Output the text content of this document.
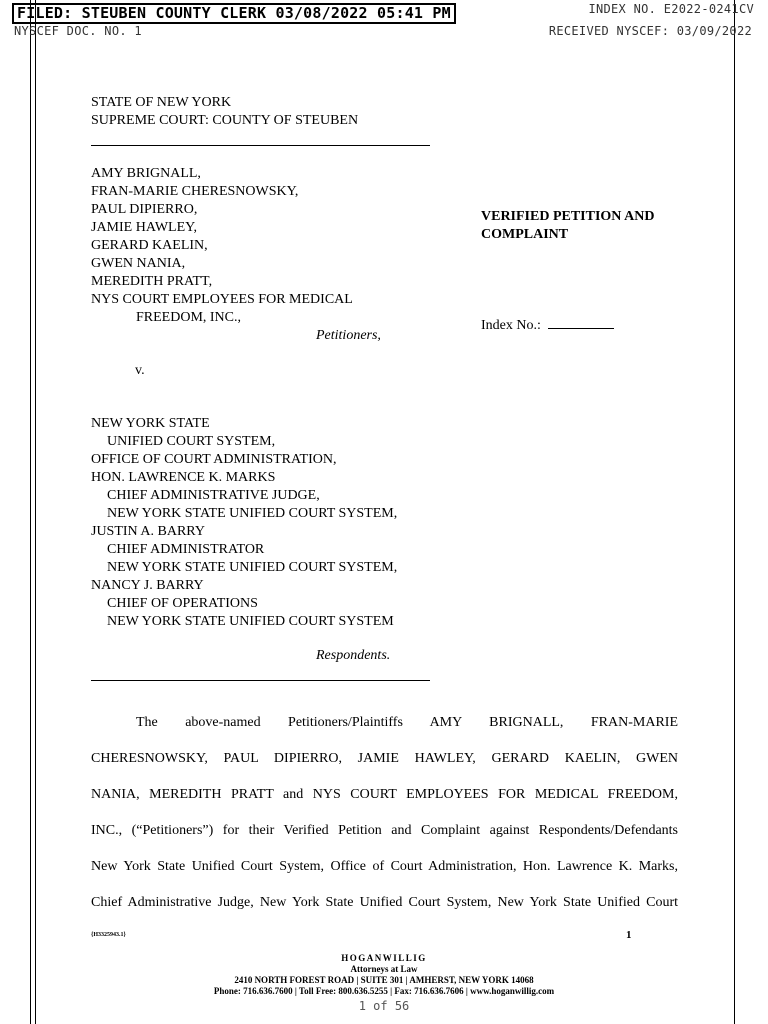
FILED: STEUBEN COUNTY CLERK 03/08/2022 05:41 PM
NYSCEF DOC. NO. 1
INDEX NO. E2022-0241CV
RECEIVED NYSCEF: 03/09/2022
STATE OF NEW YORK
SUPREME COURT: COUNTY OF STEUBEN
AMY BRIGNALL,
FRAN-MARIE CHERESNOWSKY,
PAUL DIPIERRO,
JAMIE HAWLEY,
GERARD KAELIN,
GWEN NANIA,
MEREDITH PRATT,
NYS COURT EMPLOYEES FOR MEDICAL
FREEDOM, INC.,
Petitioners,
v.
NEW YORK STATE
UNIFIED COURT SYSTEM,
OFFICE OF COURT ADMINISTRATION,
HON. LAWRENCE K. MARKS
CHIEF ADMINISTRATIVE JUDGE,
NEW YORK STATE UNIFIED COURT SYSTEM,
JUSTIN A. BARRY
CHIEF ADMINISTRATOR
NEW YORK STATE UNIFIED COURT SYSTEM,
NANCY J. BARRY
CHIEF OF OPERATIONS
NEW YORK STATE UNIFIED COURT SYSTEM
Respondents.
VERIFIED PETITION AND
COMPLAINT
Index No.:
The above-named Petitioners/Plaintiffs AMY BRIGNALL, FRAN-MARIE
CHERESNOWSKY, PAUL DIPIERRO, JAMIE HAWLEY, GERARD KAELIN, GWEN
NANIA, MEREDITH PRATT and NYS COURT EMPLOYEES FOR MEDICAL FREEDOM,
INC., (“Petitioners”) for their Verified Petition and Complaint against Respondents/Defendants
New York State Unified Court System, Office of Court Administration, Hon. Lawrence K. Marks,
Chief Administrative Judge, New York State Unified Court System, New York State Unified Court
{H3325943.1}	1
HOGANWILLIG
Attorneys at Law
2410 NORTH FOREST ROAD | SUITE 301 | AMHERST, NEW YORK 14068
Phone: 716.636.7600 | Toll Free: 800.636.5255 | Fax: 716.636.7606 | www.hoganwillig.com
1 of 56
